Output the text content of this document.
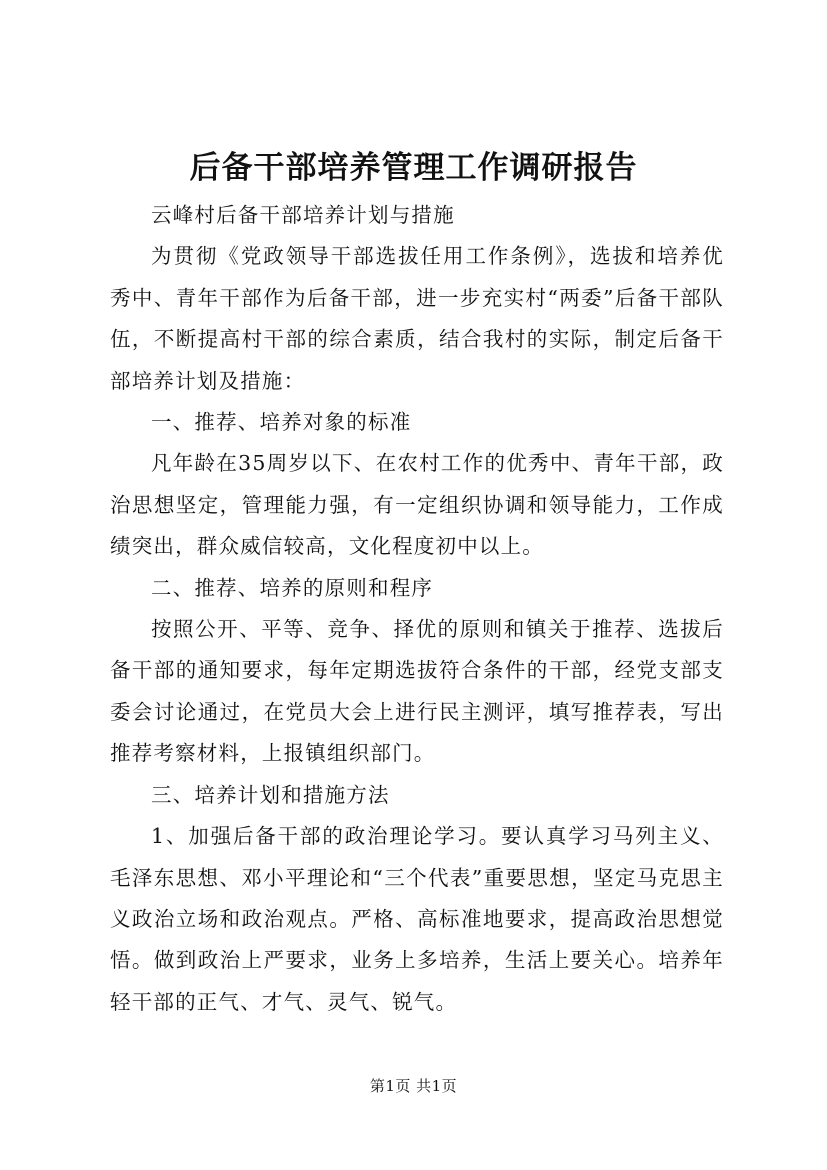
后备干部培养管理工作调研报告

云峰村后备干部培养计划与措施

为贯彻《党政领导干部选拔任用工作条例》，选拔和培养优秀中、青年干部作为后备干部，进一步充实村“两委”后备干部队伍，不断提高村干部的综合素质，结合我村的实际，制定后备干部培养计划及措施：

一、推荐、培养对象的标准

凡年龄在35周岁以下、在农村工作的优秀中、青年干部，政治思想坚定，管理能力强，有一定组织协调和领导能力，工作成绩突出，群众威信较高，文化程度初中以上。

二、推荐、培养的原则和程序

按照公开、平等、竞争、择优的原则和镇关于推荐、选拔后备干部的通知要求，每年定期选拔符合条件的干部，经党支部支委会讨论通过，在党员大会上进行民主测评，填写推荐表，写出推荐考察材料，上报镇组织部门。

三、培养计划和措施方法

1、加强后备干部的政治理论学习。要认真学习马列主义、毛泽东思想、邓小平理论和“三个代表”重要思想，坚定马克思主义政治立场和政治观点。严格、高标准地要求，提高政治思想觉悟。做到政治上严要求，业务上多培养，生活上要关心。培养年轻干部的正气、才气、灵气、锐气。

第1页 共1页
